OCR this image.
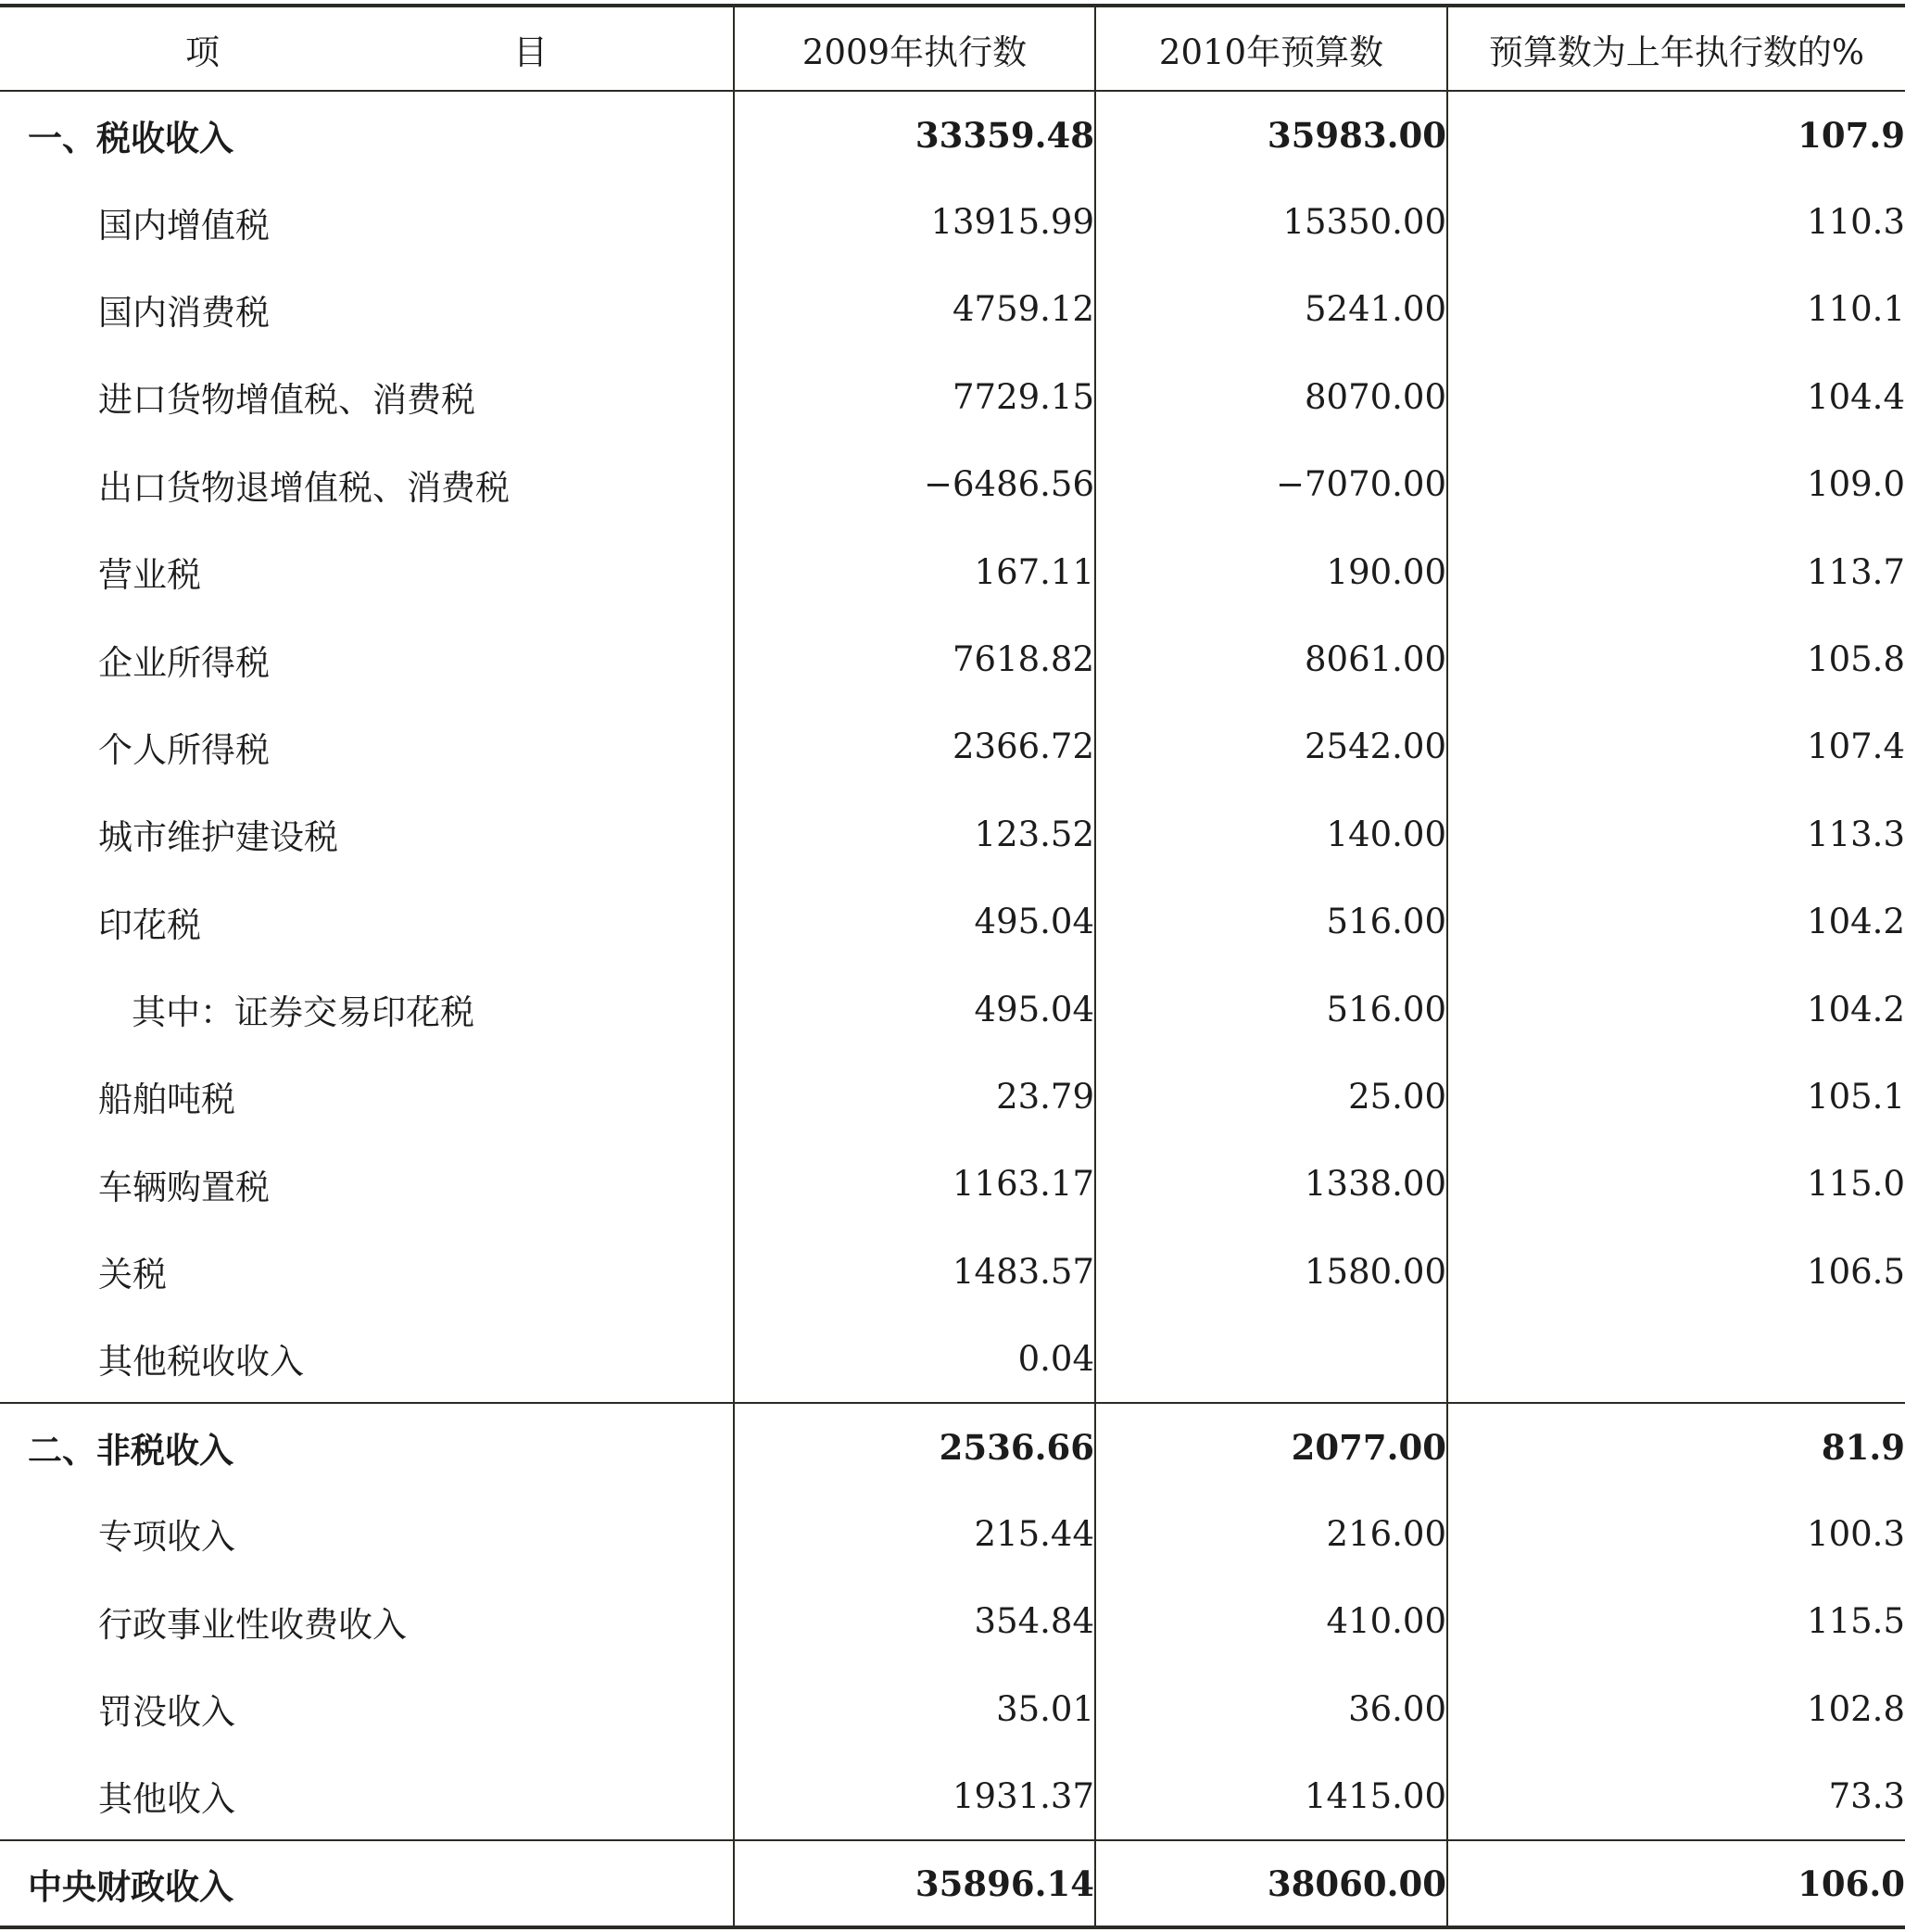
项 目	2009年执行数	2010年预算数	预算数为上年执行数的%
一、税收收入	33359.48	35983.00	107.9
国内增值税	13915.99	15350.00	110.3
国内消费税	4759.12	5241.00	110.1
进口货物增值税、消费税	7729.15	8070.00	104.4
出口货物退增值税、消费税	−6486.56	−7070.00	109.0
营业税	167.11	190.00	113.7
企业所得税	7618.82	8061.00	105.8
个人所得税	2366.72	2542.00	107.4
城市维护建设税	123.52	140.00	113.3
印花税	495.04	516.00	104.2
其中：证券交易印花税	495.04	516.00	104.2
船舶吨税	23.79	25.00	105.1
车辆购置税	1163.17	1338.00	115.0
关税	1483.57	1580.00	106.5
其他税收收入	0.04		
二、非税收入	2536.66	2077.00	81.9
专项收入	215.44	216.00	100.3
行政事业性收费收入	354.84	410.00	115.5
罚没收入	35.01	36.00	102.8
其他收入	1931.37	1415.00	73.3
中央财政收入	35896.14	38060.00	106.0
